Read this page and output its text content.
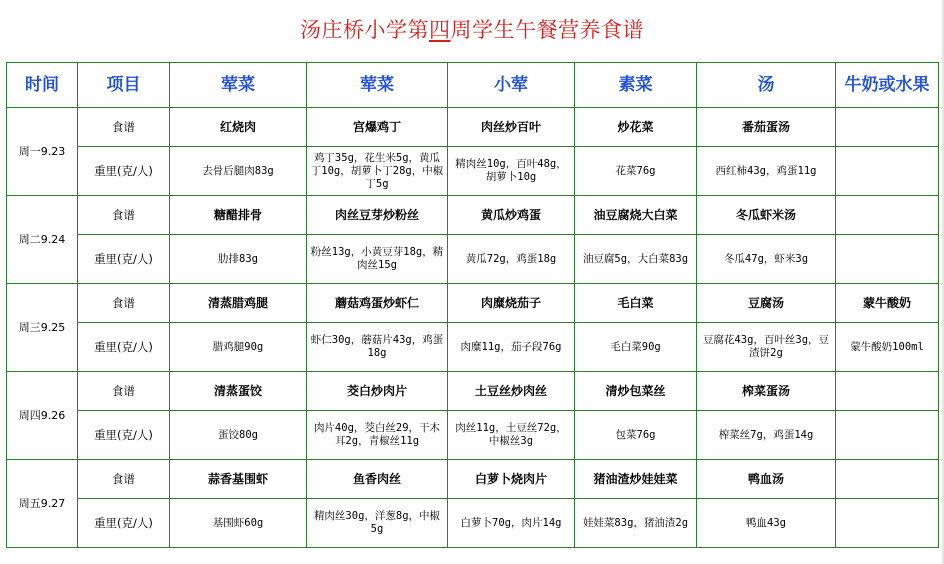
汤庄桥小学第四周学生午餐营养食谱
时间	项目	荤菜	荤菜	小荤	素菜	汤	牛奶或水果
周一9.23	食谱	红烧肉	宫爆鸡丁	肉丝炒百叶	炒花菜	番茄蛋汤	
	重里(克/人)	去骨后腿肉83g	鸡丁35g，花生米5g，黄瓜丁10g，胡萝卜丁28g，中椒丁5g	精肉丝10g，百叶48g，胡萝卜10g	花菜76g	西红柿43g，鸡蛋11g	
周二9.24	食谱	糖醋排骨	肉丝豆芽炒粉丝	黄瓜炒鸡蛋	油豆腐烧大白菜	冬瓜虾米汤	
	重里(克/人)	肋排83g	粉丝13g，小黄豆芽18g，精肉丝15g	黄瓜72g，鸡蛋18g	油豆腐5g，大白菜83g	冬瓜47g，虾米3g	
周三9.25	食谱	清蒸腊鸡腿	蘑菇鸡蛋炒虾仁	肉糜烧茄子	毛白菜	豆腐汤	蒙牛酸奶
	重里(克/人)	腊鸡腿90g	虾仁30g，蘑菇片43g，鸡蛋18g	肉糜11g，茄子段76g	毛白菜90g	豆腐花43g，百叶丝3g，豆渣饼2g	蒙牛酸奶100ml
周四9.26	食谱	清蒸蛋饺	茭白炒肉片	土豆丝炒肉丝	清炒包菜丝	榨菜蛋汤	
	重里(克/人)	蛋饺80g	肉片40g，茭白丝29，干木耳2g，青椒丝11g	肉丝11g，土豆丝72g，中椒丝3g	包菜76g	榨菜丝7g，鸡蛋14g	
周五9.27	食谱	蒜香基围虾	鱼香肉丝	白萝卜烧肉片	猪油渣炒娃娃菜	鸭血汤	
	重里(克/人)	基围虾60g	精肉丝30g，洋葱8g，中椒5g	白萝卜70g，肉片14g	娃娃菜83g，猪油渣2g	鸭血43g	
